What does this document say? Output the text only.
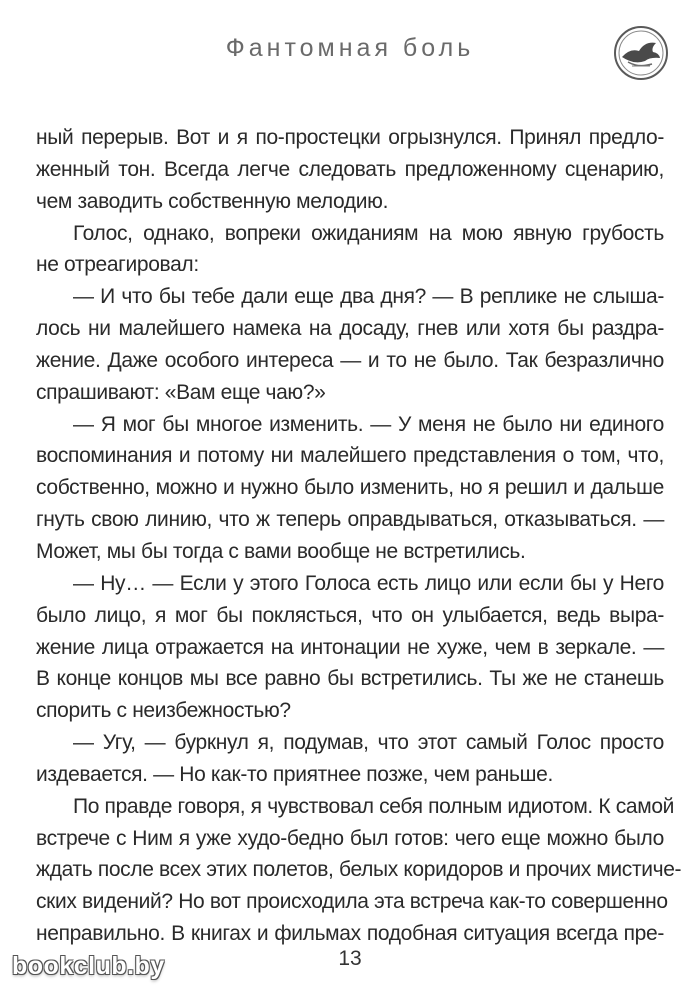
Фантомная боль
ный перерыв. Вот и я по-простецки огрызнулся. Принял предло-
женный тон. Всегда легче следовать предложенному сценарию,
чем заводить собственную мелодию.
Голос, однако, вопреки ожиданиям на мою явную грубость
не отреагировал:
— И что бы тебе дали еще два дня? — В реплике не слыша-
лось ни малейшего намека на досаду, гнев или хотя бы раздра-
жение. Даже особого интереса — и то не было. Так безразлично
спрашивают: «Вам еще чаю?»
— Я мог бы многое изменить. — У меня не было ни единого
воспоминания и потому ни малейшего представления о том, что,
собственно, можно и нужно было изменить, но я решил и дальше
гнуть свою линию, что ж теперь оправдываться, отказываться. —
Может, мы бы тогда с вами вообще не встретились.
— Ну… — Если у этого Голоса есть лицо или если бы у Него
было лицо, я мог бы поклясться, что он улыбается, ведь выра-
жение лица отражается на интонации не хуже, чем в зеркале. —
В конце концов мы все равно бы встретились. Ты же не станешь
спорить с неизбежностью?
— Угу, — буркнул я, подумав, что этот самый Голос просто
издевается. — Но как-то приятнее позже, чем раньше.
По правде говоря, я чувствовал себя полным идиотом. К самой
встрече с Ним я уже худо-бедно был готов: чего еще можно было
ждать после всех этих полетов, белых коридоров и прочих мистиче-
ских видений? Но вот происходила эта встреча как-то совершенно
неправильно. В книгах и фильмах подобная ситуация всегда пре-
13
bookclub.by
